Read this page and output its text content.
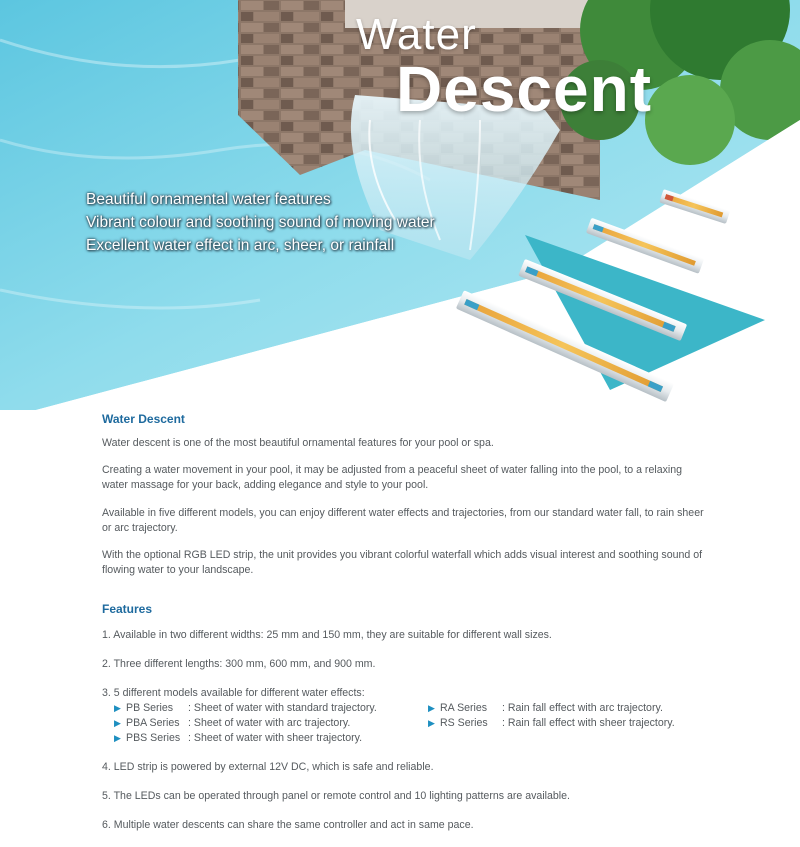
Water
Descent
Beautiful ornamental water features
Vibrant colour and soothing sound of moving water
Excellent water effect in arc, sheer, or rainfall
Water Descent

Water descent is one of the most beautiful ornamental features for your pool or spa.

Creating a water movement in your pool, it may be adjusted from a peaceful sheet of water falling into the pool, to a relaxing water massage for your back, adding elegance and style to your pool.

Available in five different models, you can enjoy different water effects and trajectories, from our standard water fall, to rain sheer or arc trajectory.

With the optional RGB LED strip, the unit provides you vibrant colorful waterfall which adds visual interest and soothing sound of flowing water to your landscape.

Features

1. Available in two different widths: 25 mm and 150 mm, they are suitable for different wall sizes.

2. Three different lengths: 300 mm, 600 mm, and 900 mm.

3. 5 different models available for different water effects:
▶ PB Series	: Sheet of water with standard trajectory.
▶ PBA Series : Sheet of water with arc trajectory.
▶ PBS Series : Sheet of water with sheer trajectory.
▶ RA Series	: Rain fall effect with arc trajectory.
▶ RS Series	: Rain fall effect with sheer trajectory.

4. LED strip is powered by external 12V DC, which is safe and reliable.

5. The LEDs can be operated through panel or remote control and 10 lighting patterns are available.

6. Multiple water descents can share the same controller and act in same pace.
